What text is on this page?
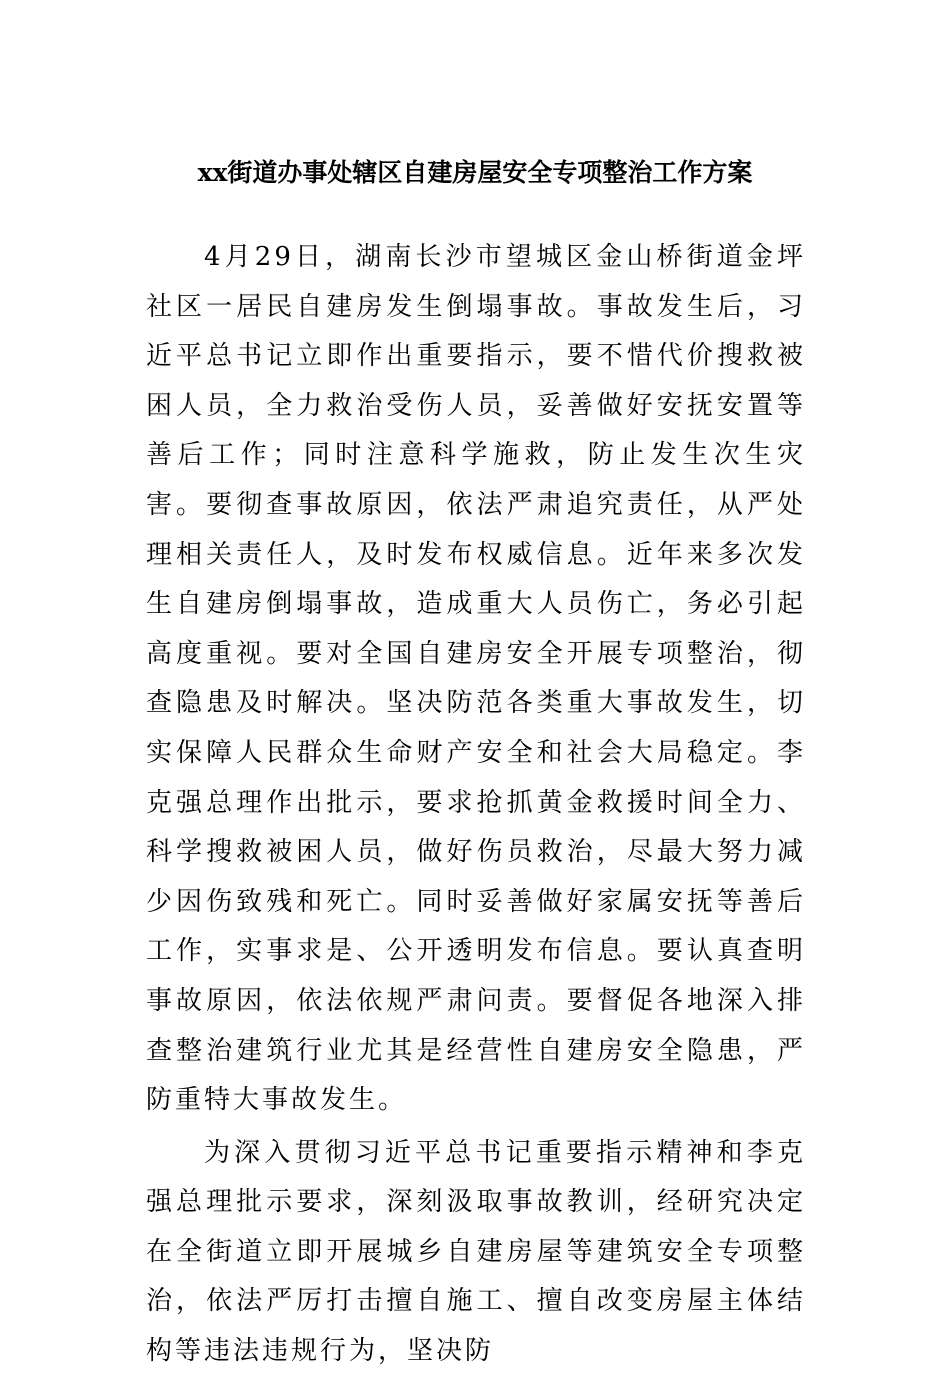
xx街道办事处辖区自建房屋安全专项整治工作方案

4月29日，湖南长沙市望城区金山桥街道金坪社区一居民自建房发生倒塌事故。事故发生后，习近平总书记立即作出重要指示，要不惜代价搜救被困人员，全力救治受伤人员，妥善做好安抚安置等善后工作；同时注意科学施救，防止发生次生灾害。要彻查事故原因，依法严肃追究责任，从严处理相关责任人，及时发布权威信息。近年来多次发生自建房倒塌事故，造成重大人员伤亡，务必引起高度重视。要对全国自建房安全开展专项整治，彻查隐患及时解决。坚决防范各类重大事故发生，切实保障人民群众生命财产安全和社会大局稳定。李克强总理作出批示，要求抢抓黄金救援时间全力、科学搜救被困人员，做好伤员救治，尽最大努力减少因伤致残和死亡。同时妥善做好家属安抚等善后工作，实事求是、公开透明发布信息。要认真查明事故原因，依法依规严肃问责。要督促各地深入排查整治建筑行业尤其是经营性自建房安全隐患，严防重特大事故发生。

为深入贯彻习近平总书记重要指示精神和李克强总理批示要求，深刻汲取事故教训，经研究决定在全街道立即开展城乡自建房屋等建筑安全专项整治，依法严厉打击擅自施工、擅自改变房屋主体结构等违法违规行为，坚决防
